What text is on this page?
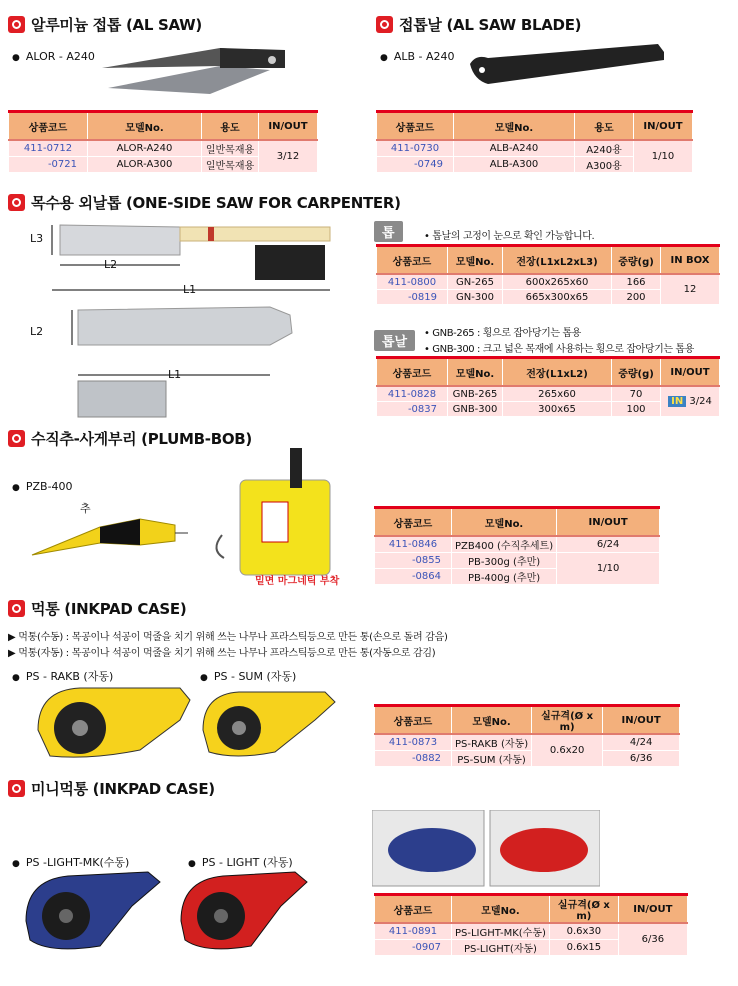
알루미늄 접톱 (AL SAW)
● ALOR - A240
상품코드	모델No.	용도	IN/OUT
411-0712	ALOR-A240	일반목재용	3/12
-0721	ALOR-A300	일반목재용	
접톱날 (AL SAW BLADE)
● ALB - A240
상품코드	모델No.	용도	IN/OUT
411-0730	ALB-A240	A240용	1/10
-0749	ALB-A300	A300용	
목수용 외날톱 (ONE-SIDE SAW FOR CARPENTER)
L3
L2
L1
L2
L1
톱	• 톱날의 고정이 눈으로 확인 가능합니다.
상품코드	모델No.	전장(L1xL2xL3)	중량(g)	IN BOX
411-0800	GN-265	600x265x60	166	12
-0819	GN-300	665x300x65	200	
톱날
• GNB-265 : 횡으로 잡아당기는 톱용
• GNB-300 : 크고 넓은 목재에 사용하는 횡으로 잡아당기는 톱용
상품코드	모델No.	전장(L1xL2)	중량(g)	IN/OUT
411-0828	GNB-265	265x60	70	IN 3/24
-0837	GNB-300	300x65	100	
수직추-사게부리 (PLUMB-BOB)
● PZB-400
추
밑면 마그네틱 부착
상품코드	모델No.	IN/OUT
411-0846	PZB400 (수직추세트)	6/24
-0855	PB-300g (추만)	1/10
-0864	PB-400g (추만)	
먹통 (INKPAD CASE)
▶ 먹통(수동) : 목공이나 석공이 먹줄을 치기 위해 쓰는 나무나 프라스틱등으로 만든 통(손으로 돌려 감음)
▶ 먹통(자동) : 목공이나 석공이 먹줄을 치기 위해 쓰는 나무나 프라스틱등으로 만든 통(자동으로 감김)
● PS - RAKB (자동)	● PS - SUM (자동)
상품코드	모델No.	실규격(Ø x m)	IN/OUT
411-0873	PS-RAKB (자동)	0.6x20	4/24
-0882	PS-SUM (자동)		6/36
미니먹통 (INKPAD CASE)
● PS -LIGHT-MK(수동)	● PS - LIGHT (자동)
상품코드	모델No.	실규격(Ø x m)	IN/OUT
411-0891	PS-LIGHT-MK(수동)	0.6x30	6/36
-0907	PS-LIGHT(자동)	0.6x15	
